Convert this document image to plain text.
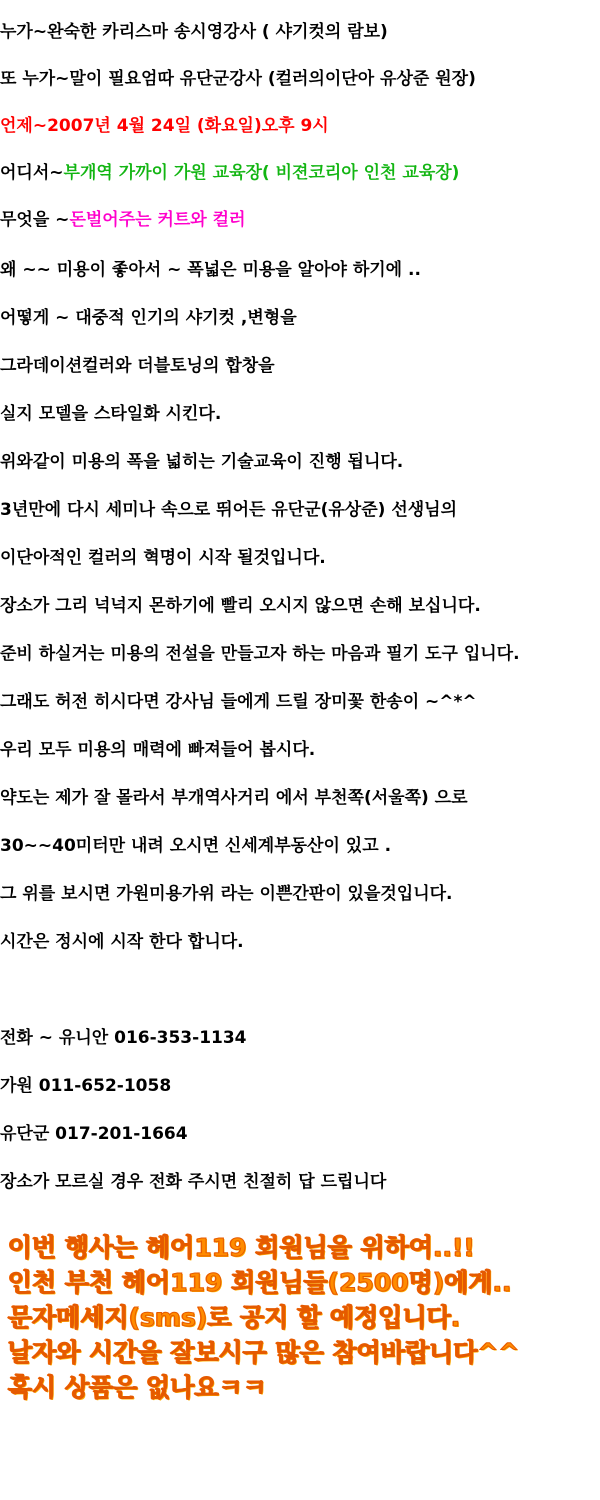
누가~완숙한 카리스마 송시영강사 ( 샤기컷의 람보)
또 누가~말이 필요엄따 유단군강사 (컬러의이단아 유상준 원장)
언제~2007년 4월 24일 (화요일)오후 9시
어디서~부개역 가까이 가원 교육장( 비젼코리아 인천 교육장)
무엇을 ~돈벌어주는 커트와 컬러
왜 ~~ 미용이 좋아서 ~ 폭넓은 미용을 알아야 하기에 ..
어떻게 ~ 대중적 인기의 샤기컷 ,변형을
그라데이션컬러와 더블토닝의 합창을
실지 모델을 스타일화 시킨다.
위와같이 미용의 폭을 넓히는 기술교육이 진행 됩니다.
3년만에 다시 세미나 속으로 뛰어든 유단군(유상준) 선생님의
이단아적인 컬러의 혁명이 시작 될것입니다.
장소가 그리 넉넉지 몬하기에 빨리 오시지 않으면 손해 보십니다.
준비 하실거는 미용의 전설을 만들고자 하는 마음과 필기 도구 입니다.
그래도 허전 히시다면 강사님 들에게 드릴 장미꽃 한송이 ~^*^
우리 모두 미용의 매력에 빠져들어 봅시다.
약도는 제가 잘 몰라서 부개역사거리 에서 부천쪽(서울쪽) 으로
30~~40미터만 내려 오시면 신세계부동산이 있고 .
그 위를 보시면 가원미용가위 라는 이쁜간판이 있을것입니다.
시간은 정시에 시작 한다 합니다.
전화 ~ 유니안 016-353-1134
가원 011-652-1058
유단군 017-201-1664
장소가 모르실 경우 전화 주시면 친절히 답 드립니다
이번 행사는 헤어119 회원님을 위하여..!!
인천 부천 헤어119 회원님들(2500명)에게..
문자메세지(sms)로 공지 할 예정입니다.
날자와 시간을 잘보시구 많은 참여바랍니다^^
혹시 상품은 없나요ㅋㅋ
